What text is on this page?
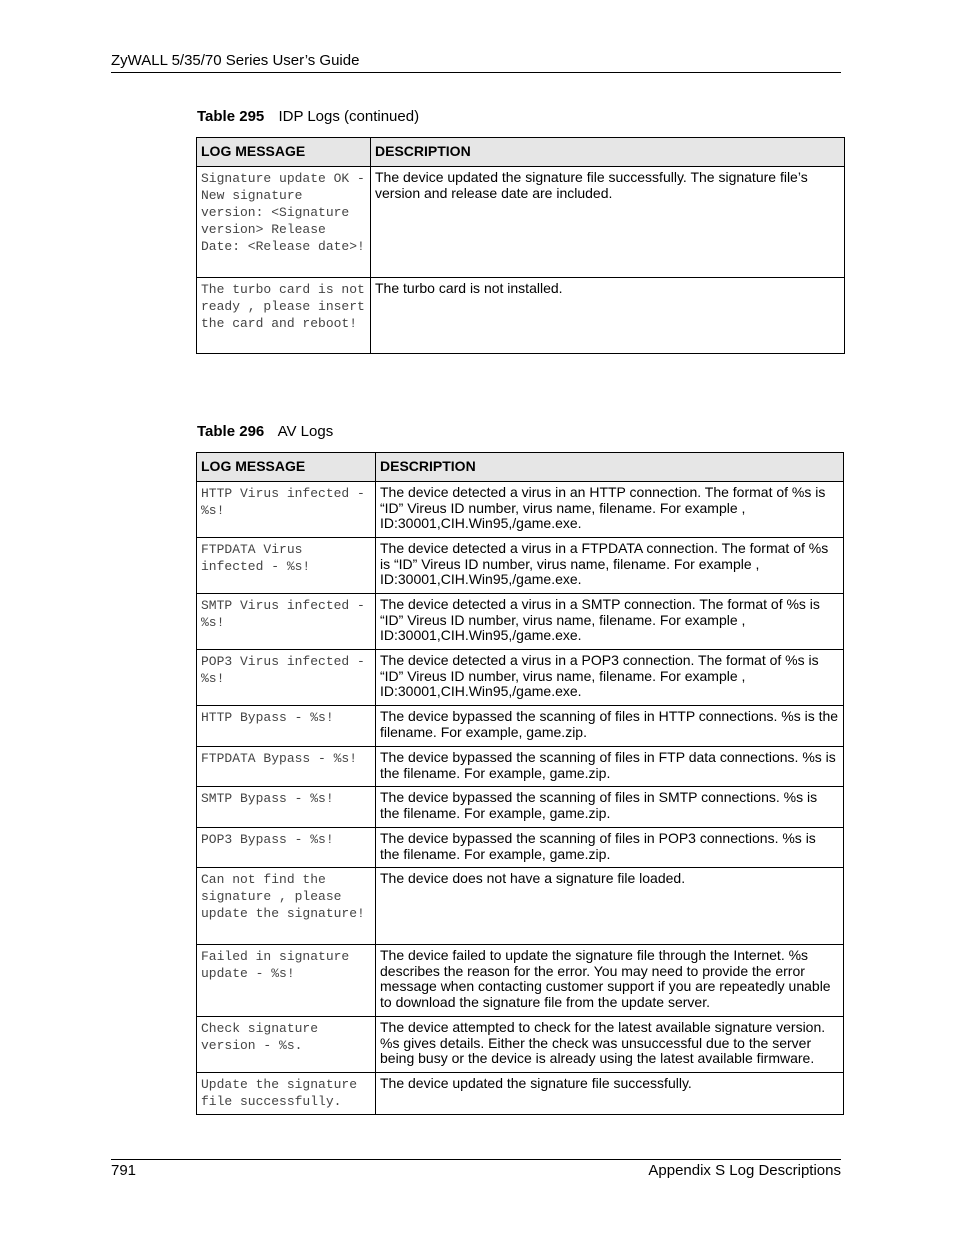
ZyWALL 5/35/70 Series User’s Guide
Table 295 IDP Logs (continued)
LOG MESSAGE	DESCRIPTION
Signature update OK - New signature version: <Signature version> Release Date: <Release date>!	The device updated the signature file successfully. The signature file’s version and release date are included.
The turbo card is not ready , please insert the card and reboot!	The turbo card is not installed.
Table 296 AV Logs
LOG MESSAGE	DESCRIPTION
HTTP Virus infected - %s!	The device detected a virus in an HTTP connection. The format of %s is “ID” Vireus ID number, virus name, filename. For example , ID:30001,CIH.Win95,/game.exe.
FTPDATA Virus infected - %s!	The device detected a virus in a FTPDATA connection. The format of %s is “ID” Vireus ID number, virus name, filename. For example , ID:30001,CIH.Win95,/game.exe.
SMTP Virus infected - %s!	The device detected a virus in a SMTP connection. The format of %s is “ID” Vireus ID number, virus name, filename. For example , ID:30001,CIH.Win95,/game.exe.
POP3 Virus infected - %s!	The device detected a virus in a POP3 connection. The format of %s is “ID” Vireus ID number, virus name, filename. For example , ID:30001,CIH.Win95,/game.exe.
HTTP Bypass - %s!	The device bypassed the scanning of files in HTTP connections. %s is the filename. For example, game.zip.
FTPDATA Bypass - %s!	The device bypassed the scanning of files in FTP data connections. %s is the filename. For example, game.zip.
SMTP Bypass - %s!	The device bypassed the scanning of files in SMTP connections. %s is the filename. For example, game.zip.
POP3 Bypass - %s!	The device bypassed the scanning of files in POP3 connections. %s is the filename. For example, game.zip.
Can not find the signature , please update the signature!	The device does not have a signature file loaded.
Failed in signature update - %s!	The device failed to update the signature file through the Internet. %s describes the reason for the error. You may need to provide the error message when contacting customer support if you are repeatedly unable to download the signature file from the update server.
Check signature version - %s.	The device attempted to check for the latest available signature version. %s gives details. Either the check was unsuccessful due to the server being busy or the device is already using the latest available firmware.
Update the signature file successfully.	The device updated the signature file successfully.
791	Appendix S Log Descriptions
